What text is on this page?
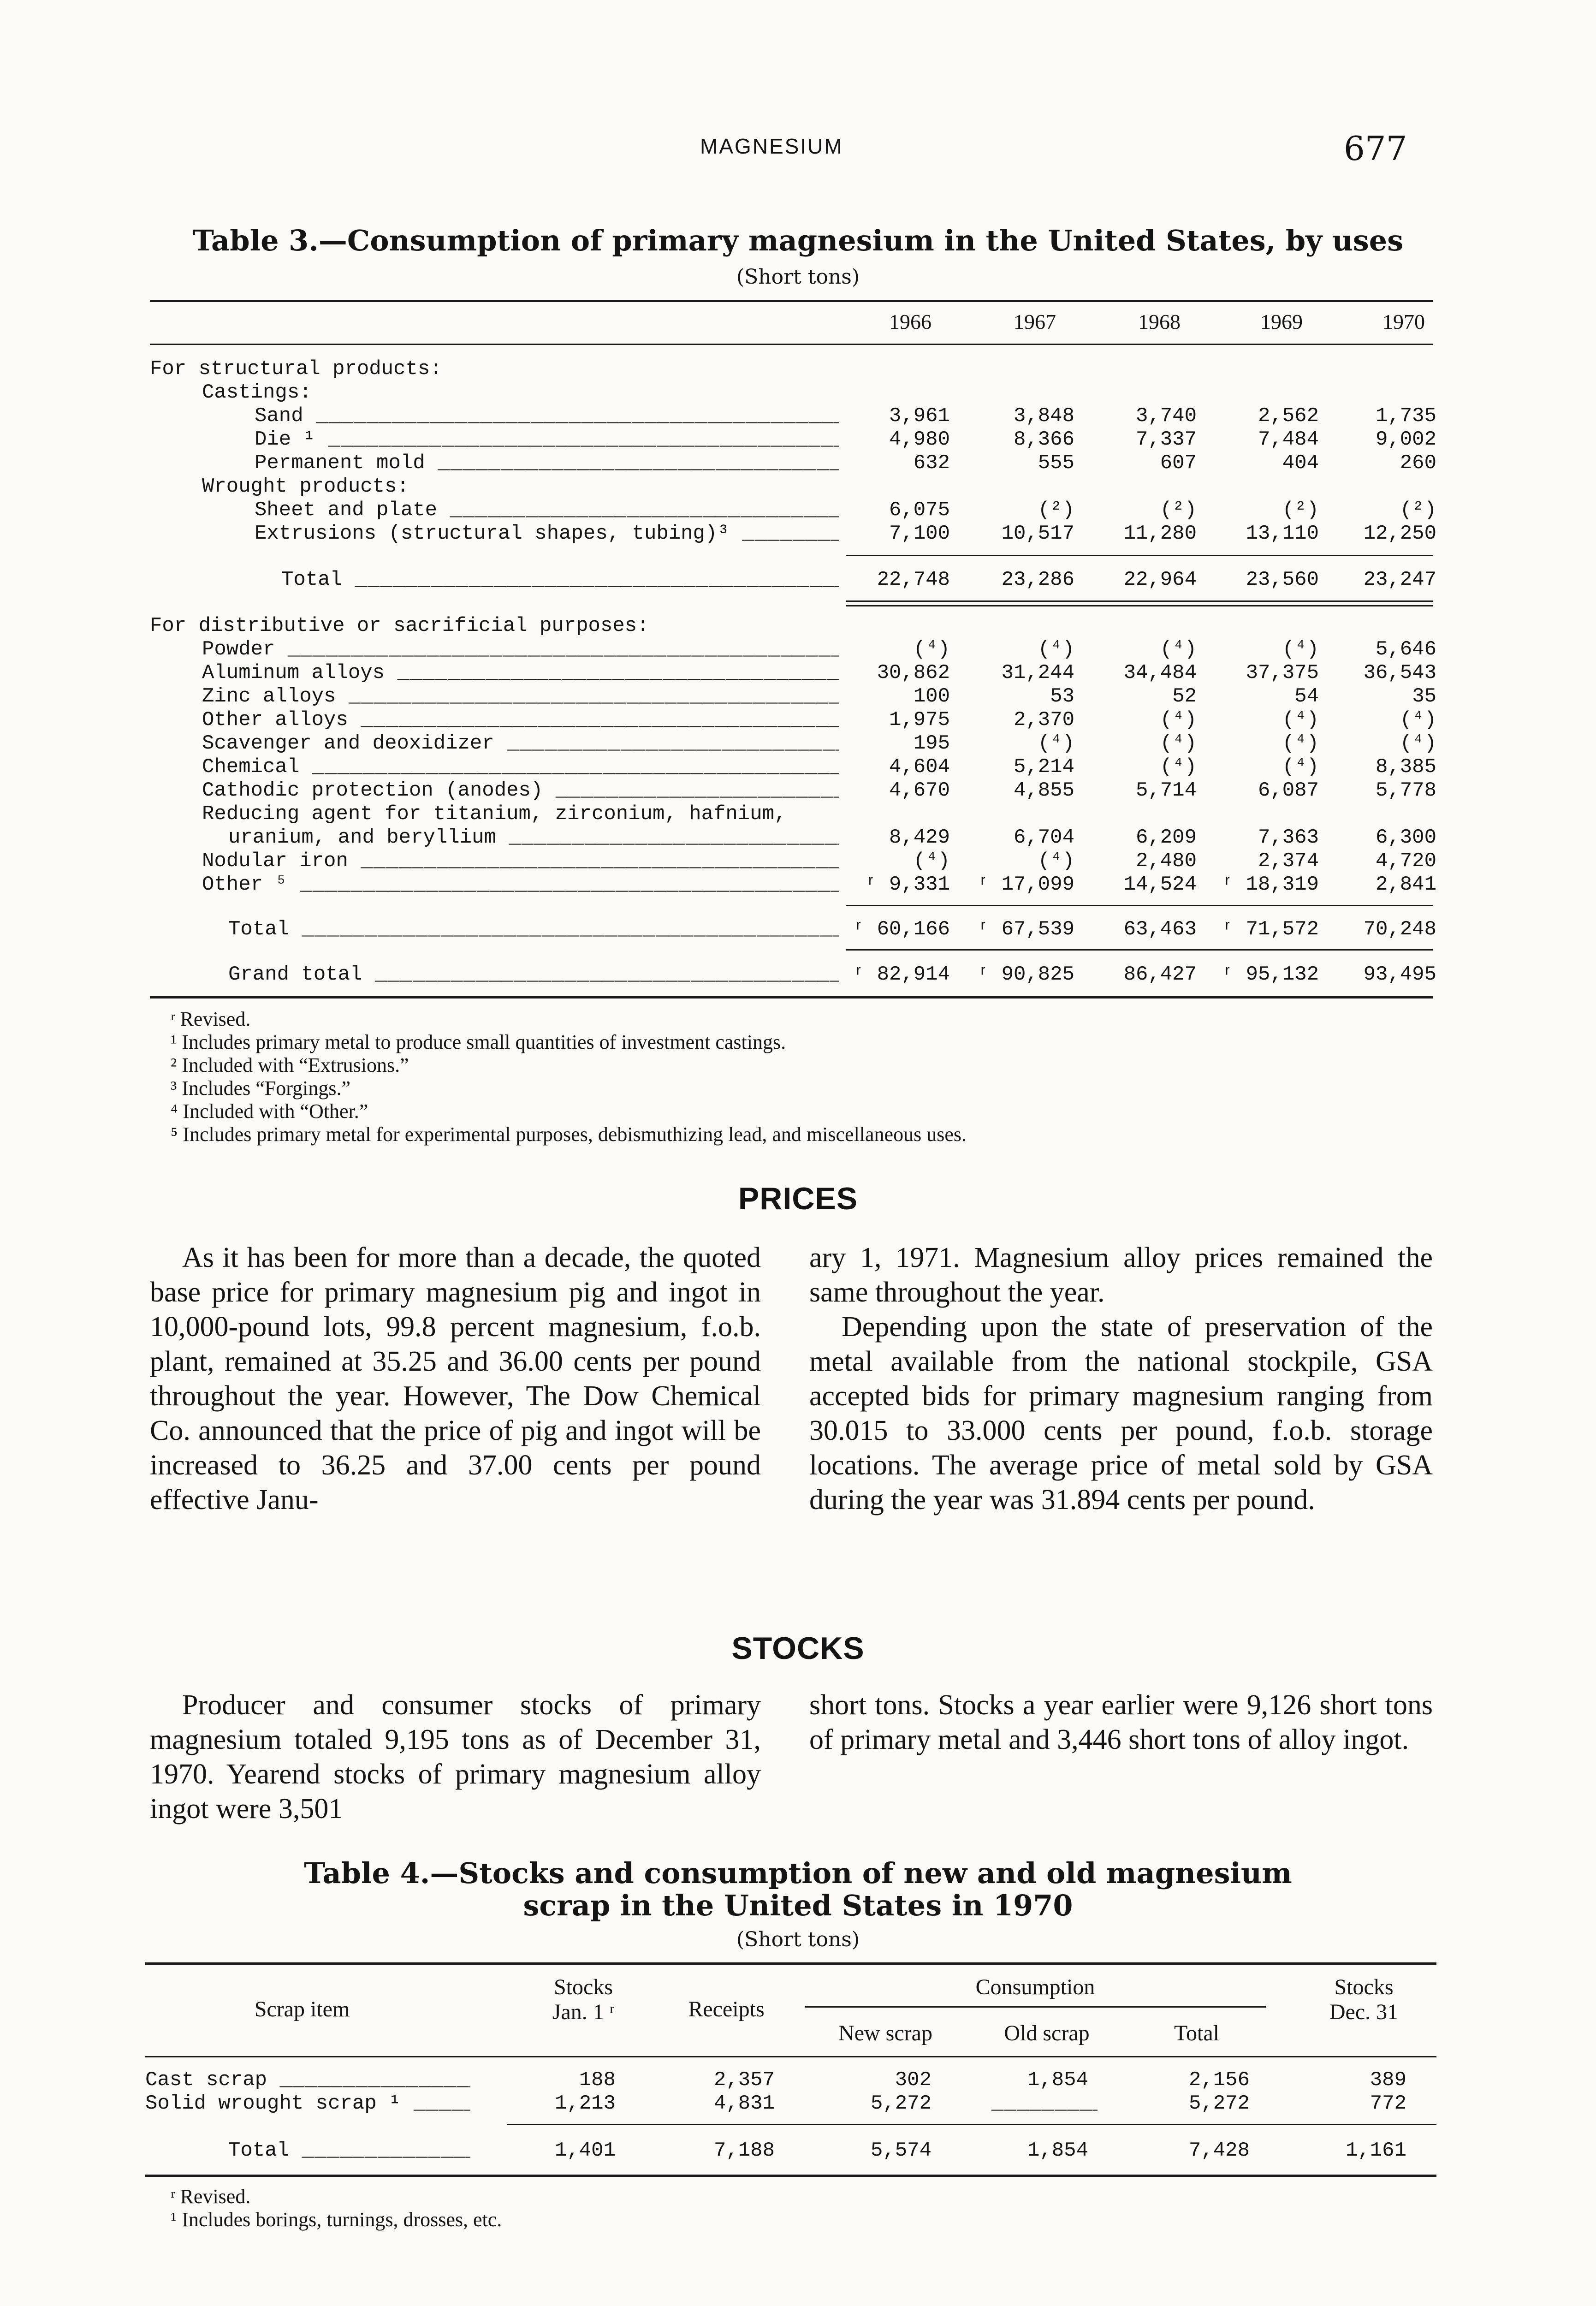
MAGNESIUM	677
Table 3.—Consumption of primary magnesium in the United States, by uses
(Short tons)
1966	1967	1968	1969	1970
For structural products:
Castings:
Sand _____	3,961	3,848	3,740	2,562	1,735
Die ¹ _____	4,980	8,366	7,337	7,484	9,002
Permanent mold _____	632	555	607	404	260
Wrought products:
Sheet and plate _____	6,075	(²)	(²)	(²)	(²)
Extrusions (structural shapes, tubing)³ _____	7,100	10,517	11,280	13,110	12,250
Total _____	22,748	23,286	22,964	23,560	23,247
For distributive or sacrificial purposes:
Powder _____	(⁴)	(⁴)	(⁴)	(⁴)	5,646
Aluminum alloys _____	30,862	31,244	34,484	37,375	36,543
Zinc alloys _____	100	53	52	54	35
Other alloys _____	1,975	2,370	(⁴)	(⁴)	(⁴)
Scavenger and deoxidizer _____	195	(⁴)	(⁴)	(⁴)	(⁴)
Chemical _____	4,604	5,214	(⁴)	(⁴)	8,385
Cathodic protection (anodes) _____	4,670	4,855	5,714	6,087	5,778
Reducing agent for titanium, zirconium, hafnium,
uranium, and beryllium _____	8,429	6,704	6,209	7,363	6,300
Nodular iron _____	(⁴)	(⁴)	2,480	2,374	4,720
Other ⁵ _____	ʳ 9,331 ʳ 17,099	14,524 ʳ 18,319	2,841
Total _____	ʳ 60,166 ʳ 67,539	63,463 ʳ 71,572	70,248
Grand total _____	ʳ 82,914 ʳ 90,825	86,427 ʳ 95,132	93,495
ʳ Revised.
¹ Includes primary metal to produce small quantities of investment castings.
² Included with “Extrusions.”
³ Includes “Forgings.”
⁴ Included with “Other.”
⁵ Includes primary metal for experimental purposes, debismuthizing lead, and miscellaneous uses.
PRICES
As it has been for more than a decade, the quoted base price for primary magnesium pig and ingot in 10,000-pound lots, 99.8 percent magnesium, f.o.b. plant, remained at 35.25 and 36.00 cents per pound throughout the year. However, The Dow Chemical Co. announced that the price of pig and ingot will be increased to 36.25 and 37.00 cents per pound effective Janu-
ary 1, 1971. Magnesium alloy prices remained the same throughout the year.
Depending upon the state of preservation of the metal available from the national stockpile, GSA accepted bids for primary magnesium ranging from 30.015 to 33.000 cents per pound, f.o.b. storage locations. The average price of metal sold by GSA during the year was 31.894 cents per pound.
STOCKS
Producer and consumer stocks of primary magnesium totaled 9,195 tons as of December 31, 1970. Yearend stocks of primary magnesium alloy ingot were 3,501
short tons. Stocks a year earlier were 9,126 short tons of primary metal and 3,446 short tons of alloy ingot.
Table 4.—Stocks and consumption of new and old magnesium
scrap in the United States in 1970
(Short tons)
Scrap item
Stocks
Jan. 1 ʳ	Receipts
Consumption
New scrap	Old scrap	Total
Stocks
Dec. 31
Cast scrap _____	188	2,357	302	1,854	2,156	389
Solid wrought scrap ¹ _____	1,213	4,831	5,272
_____	5,272	772
Total _____	1,401	7,188	5,574	1,854	7,428	1,161
ʳ Revised.
¹ Includes borings, turnings, drosses, etc.
